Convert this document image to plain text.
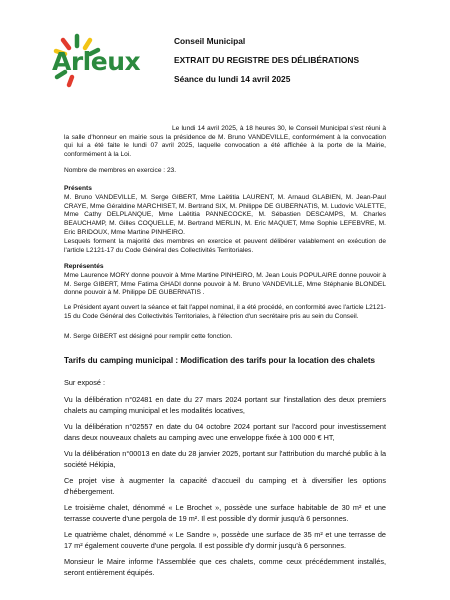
Arleux
Conseil Municipal
EXTRAIT DU REGISTRE DES DÉLIBÉRATIONS
Séance du lundi 14 avril 2025
Le lundi 14 avril 2025, à 18 heures 30, le Conseil Municipal s'est réuni à la salle d'honneur en mairie sous la présidence de M. Bruno VANDEVILLE, conformément à la convocation qui lui a été faite le lundi 07 avril 2025, laquelle convocation a été affichée à la porte de la Mairie, conformément à la Loi.
Nombre de membres en exercice : 23.
Présents
M. Bruno VANDEVILLE, M. Serge GIBERT, Mme Laëtitia LAURENT, M. Arnaud GLABIEN, M. Jean-Paul CRAYE, Mme Géraldine MARCHISET, M. Bertrand SIX, M. Philippe DE GUBERNATIS, M. Ludovic VALETTE, Mme Cathy DELPLANQUE, Mme Laëtitia PANNECOCKE, M. Sébastien DESCAMPS, M. Charles BEAUCHAMP, M. Gilles COQUELLE, M. Bertrand MERLIN, M. Eric MAQUET, Mme Sophie LEFEBVRE, M. Eric BRIDOUX, Mme Martine PINHEIRO.
Lesquels forment la majorité des membres en exercice et peuvent délibérer valablement en exécution de l'article L2121-17 du Code Général des Collectivités Territoriales.
Représentés
Mme Laurence MORY donne pouvoir à Mme Martine PINHEIRO, M. Jean Louis POPULAIRE donne pouvoir à M. Serge GIBERT, Mme Fatima GHADI donne pouvoir à M. Bruno VANDEVILLE, Mme Stéphanie BLONDEL donne pouvoir à M. Philippe DE GUBERNATIS .
Le Président ayant ouvert la séance et fait l'appel nominal, il a été procédé, en conformité avec l'article L2121-15 du Code Général des Collectivités Territoriales, à l'élection d'un secrétaire pris au sein du Conseil.
M. Serge GIBERT est désigné pour remplir cette fonction.
Tarifs du camping municipal : Modification des tarifs pour la location des chalets
Sur exposé :
Vu la délibération n°02481 en date du 27 mars 2024 portant sur l'installation des deux premiers chalets au camping municipal et les modalités locatives,
Vu la délibération n°02557 en date du 04 octobre 2024 portant sur l'accord pour investissement dans deux nouveaux chalets au camping avec une enveloppe fixée à 100 000 € HT,
Vu la délibération n°00013 en date du 28 janvier 2025, portant sur l'attribution du marché public à la société Hékipia,
Ce projet vise à augmenter la capacité d'accueil du camping et à diversifier les options d'hébergement.
Le troisième chalet, dénommé « Le Brochet », possède une surface habitable de 30 m² et une terrasse couverte d'une pergola de 19 m². Il est possible d'y dormir jusqu'à 6 personnes.
Le quatrième chalet, dénommé « Le Sandre », possède une surface de 35 m² et une terrasse de 17 m² également couverte d'une pergola. Il est possible d'y dormir jusqu'à 6 personnes.
Monsieur le Maire informe l'Assemblée que ces chalets, comme ceux précédemment installés, seront entièrement équipés.
